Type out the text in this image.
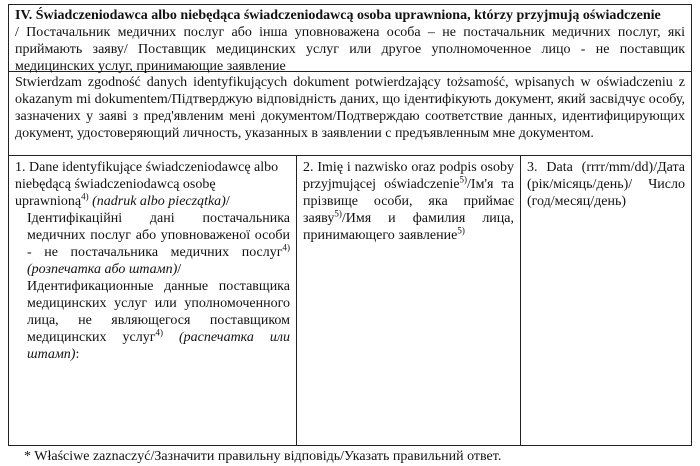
IV. Świadczeniodawca albo niebędąca świadczeniodawcą osoba uprawniona, którzy przyjmują oświadczenie
/ Постачальник медичних послуг або інша уповноважена особа – не постачальник медичних послуг, які приймають заяву/ Поставщик медицинских услуг или другое уполномоченное лицо - не поставщик медицинских услуг, принимающие заявление
Stwierdzam zgodność danych identyfikujących dokument potwierdzający tożsamość, wpisanych w oświadczeniu z okazanym mi dokumentem/Підтверджую відповідність даних, що ідентифікують документ, який засвідчує особу, зазначених у заяві з пред'явленим мені документом/Подтверждаю соответствие данных, идентифицирующих документ, удостоверяющий личность, указанных в заявлении с предъявленным мне документом.
1. Dane identyfikujące świadczeniodawcę albo niebędącą świadczeniodawcą osobę uprawnioną$^{4)}$ (nadruk albo pieczątka)/
Ідентифікаційні дані постачальника медичних послуг або уповноваженої особи - не постачальника медичних послуг$^{4)}$ (розпечатка або штамп)/
Идентификационные данные поставщика медицинских услуг или уполномоченного лица, не являющегося поставщиком медицинских услуг$^{4)}$ (распечатка или штамп):
2. Imię i nazwisko oraz podpis osoby przyjmującej oświadczenie$^{5)}$/Ім'я та прізвище особи, яка приймає заяву$^{5)}$/Имя и фамилия лица, принимающего заявление$^{5)}$
3. Data (rrrr/mm/dd)/Дата (рік/місяць/день)/ Число (год/месяц/день)
* Właściwe zaznaczyć/Зазначити правильну відповідь/Указать правильний ответ.
